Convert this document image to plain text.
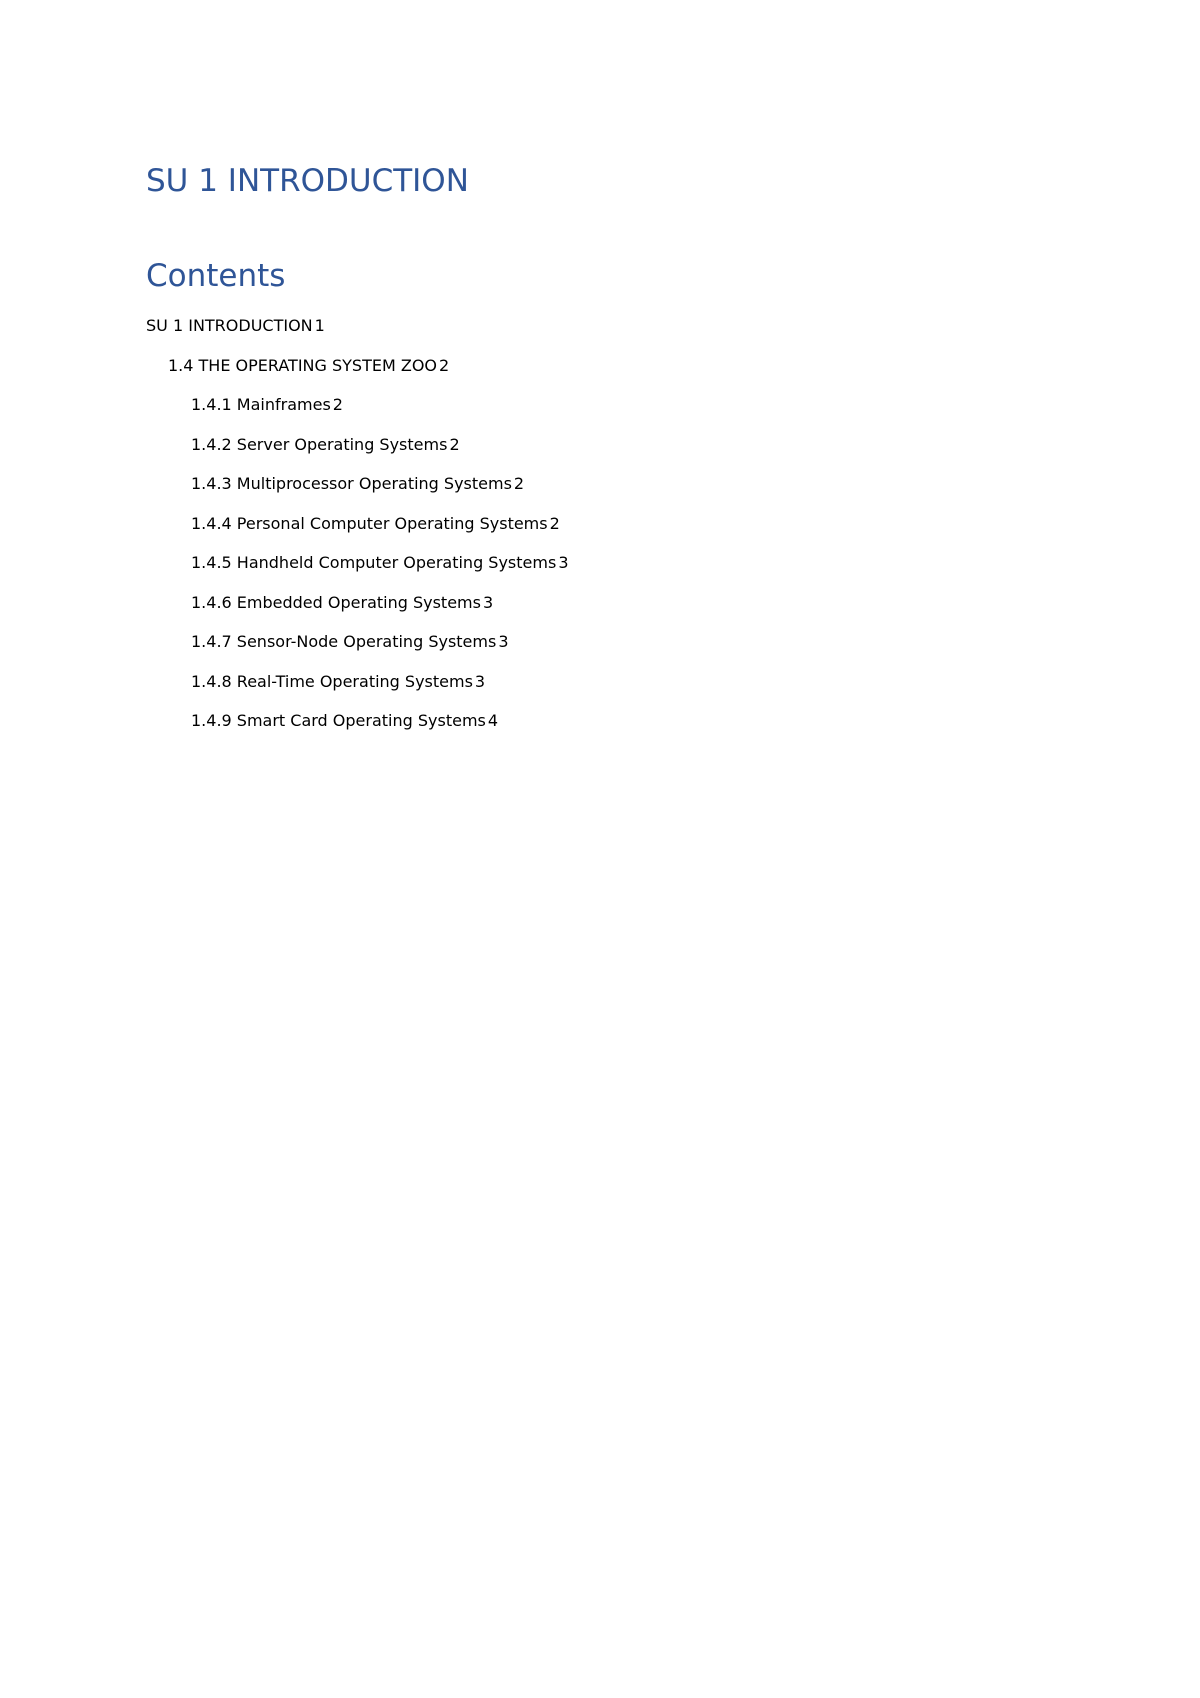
SU 1 INTRODUCTION
Contents
SU 1 INTRODUCTION 1
1.4 THE OPERATING SYSTEM ZOO 2
1.4.1 Mainframes 2
1.4.2 Server Operating Systems 2
1.4.3 Multiprocessor Operating Systems 2
1.4.4 Personal Computer Operating Systems 2
1.4.5 Handheld Computer Operating Systems 3
1.4.6 Embedded Operating Systems 3
1.4.7 Sensor-Node Operating Systems 3
1.4.8 Real-Time Operating Systems 3
1.4.9 Smart Card Operating Systems 4
